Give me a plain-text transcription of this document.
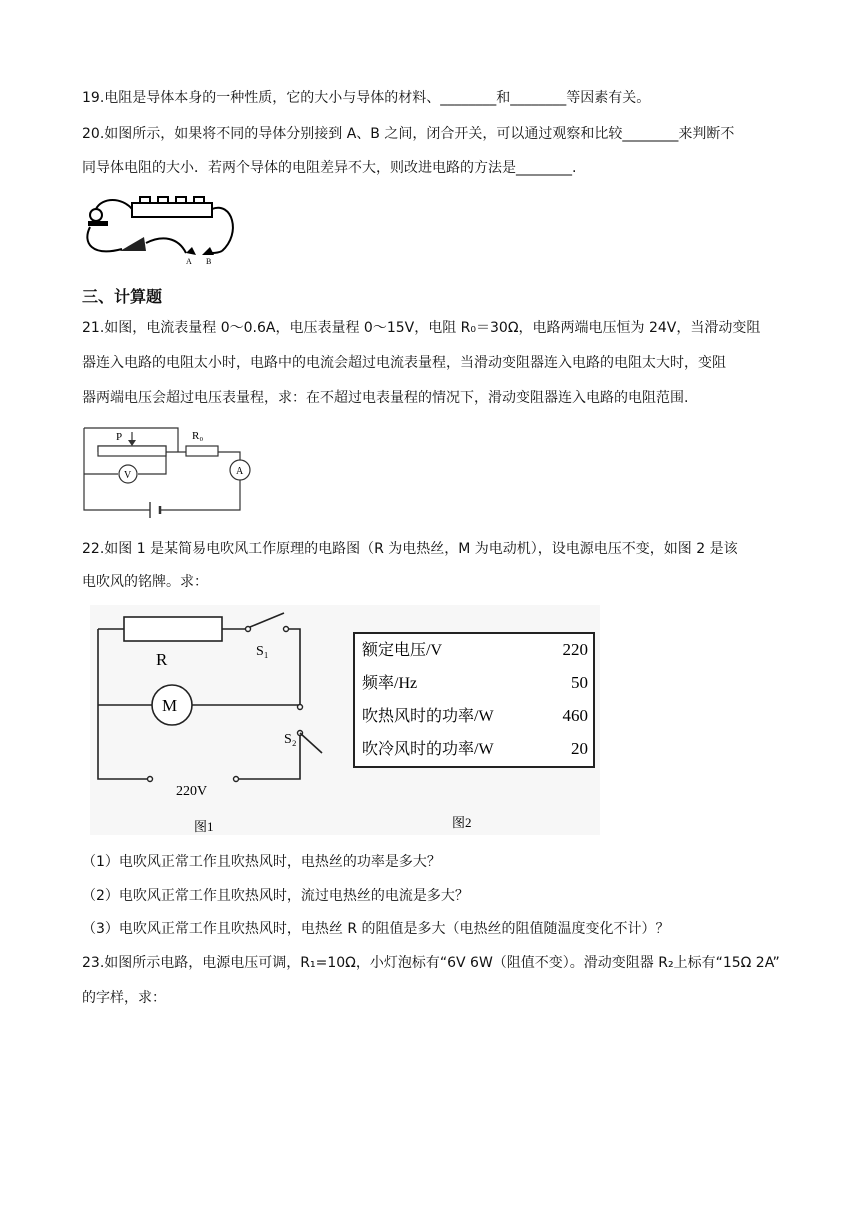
19.电阻是导体本身的一种性质，它的大小与导体的材料、________和________等因素有关。
20.如图所示，如果将不同的导体分别接到 A、B 之间，闭合开关，可以通过观察和比较________来判断不
同导体电阻的大小．若两个导体的电阻差异不大，则改进电路的方法是________.
A B
三、计算题
21.如图，电流表量程 0～0.6A，电压表量程 0～15V，电阻 R₀＝30Ω，电路两端电压恒为 24V，当滑动变阻
器连入电路的电阻太小时，电路中的电流会超过电流表量程，当滑动变阻器连入电路的电阻太大时，变阻
器两端电压会超过电压表量程，求：在不超过电表量程的情况下，滑动变阻器连入电路的电阻范围.
P	R₀
V	A
22.如图 1 是某简易电吹风工作原理的电路图（R 为电热丝，M 为电动机），设电源电压不变，如图 2 是该
电吹风的铭牌。求：
R	S₁
M
S₂
220V
图1
额定电压/V	220
频率/Hz	50
吹热风时的功率/W	460
吹冷风时的功率/W	20
图2
（1）电吹风正常工作且吹热风时，电热丝的功率是多大？
（2）电吹风正常工作且吹热风时，流过电热丝的电流是多大？
（3）电吹风正常工作且吹热风时，电热丝 R 的阻值是多大（电热丝的阻值随温度变化不计）？
23.如图所示电路，电源电压可调，R₁=10Ω，小灯泡标有“6V 6W（阻值不变）。滑动变阻器 R₂上标有“15Ω 2A”
的字样，求：
